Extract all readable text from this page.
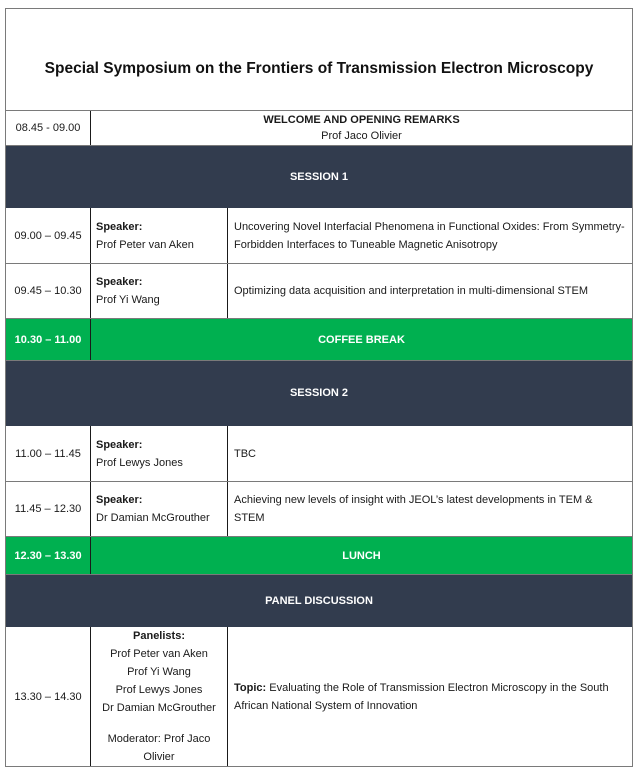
Special Symposium on the Frontiers of Transmission Electron Microscopy
08.45 - 09.00
WELCOME AND OPENING REMARKS
Prof Jaco Olivier
SESSION 1
09.00 – 09.45
Speaker:
Prof Peter van Aken
Uncovering Novel Interfacial Phenomena in Functional Oxides: From Symmetry-Forbidden Interfaces to Tuneable Magnetic Anisotropy
09.45 – 10.30
Speaker:
Prof Yi Wang
Optimizing data acquisition and interpretation in multi-dimensional STEM
10.30 – 11.00	COFFEE BREAK
SESSION 2
11.00 – 11.45
Speaker:
Prof Lewys Jones
TBC
11.45 – 12.30
Speaker:
Dr Damian McGrouther
Achieving new levels of insight with JEOL’s latest developments in TEM & STEM
12.30 – 13.30	LUNCH
PANEL DISCUSSION
13.30 – 14.30
Panelists:
Prof Peter van Aken
Prof Yi Wang
Prof Lewys Jones
Dr Damian McGrouther
Moderator: Prof Jaco
Olivier
Topic: Evaluating the Role of Transmission Electron Microscopy in the South African National System of Innovation
